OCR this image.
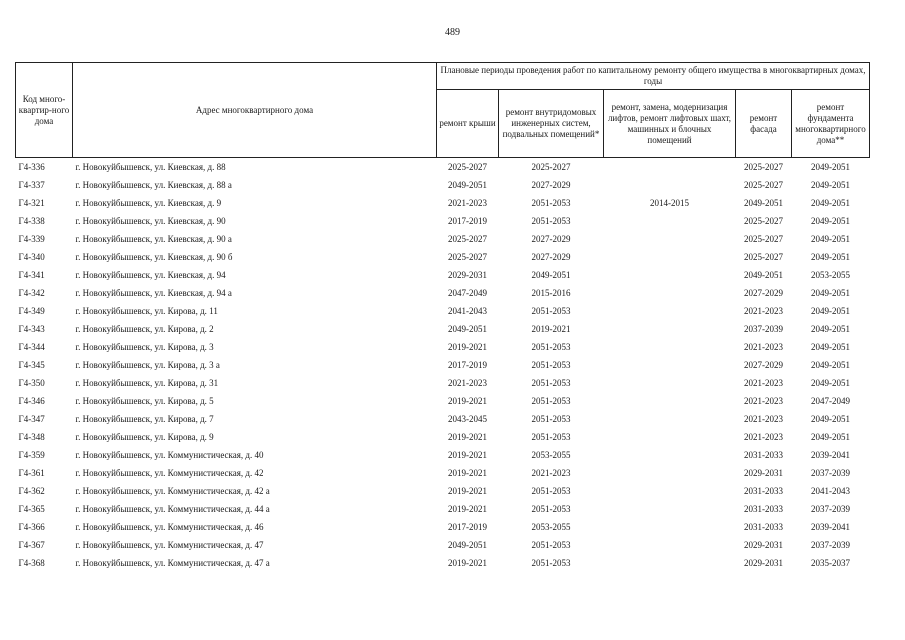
489
Код много-квартир-ного дома	Адрес многоквартирного дома	Плановые периоды проведения работ по капитальному ремонту общего имущества в многоквартирных домах, годы				
		ремонт крыши	ремонт внутридомовых инженерных систем, подвальных помещений*	ремонт, замена, модернизация лифтов, ремонт лифтовых шахт, машинных и блочных помещений	ремонт фасада	ремонт фундамента многоквартирного дома**
Г4-336	г. Новокуйбышевск, ул. Киевская, д. 88	2025-2027	2025-2027		2025-2027	2049-2051
Г4-337	г. Новокуйбышевск, ул. Киевская, д. 88 а	2049-2051	2027-2029		2025-2027	2049-2051
Г4-321	г. Новокуйбышевск, ул. Киевская, д. 9	2021-2023	2051-2053	2014-2015	2049-2051	2049-2051
Г4-338	г. Новокуйбышевск, ул. Киевская, д. 90	2017-2019	2051-2053		2025-2027	2049-2051
Г4-339	г. Новокуйбышевск, ул. Киевская, д. 90 а	2025-2027	2027-2029		2025-2027	2049-2051
Г4-340	г. Новокуйбышевск, ул. Киевская, д. 90 б	2025-2027	2027-2029		2025-2027	2049-2051
Г4-341	г. Новокуйбышевск, ул. Киевская, д. 94	2029-2031	2049-2051		2049-2051	2053-2055
Г4-342	г. Новокуйбышевск, ул. Киевская, д. 94 а	2047-2049	2015-2016		2027-2029	2049-2051
Г4-349	г. Новокуйбышевск, ул. Кирова, д. 11	2041-2043	2051-2053		2021-2023	2049-2051
Г4-343	г. Новокуйбышевск, ул. Кирова, д. 2	2049-2051	2019-2021		2037-2039	2049-2051
Г4-344	г. Новокуйбышевск, ул. Кирова, д. 3	2019-2021	2051-2053		2021-2023	2049-2051
Г4-345	г. Новокуйбышевск, ул. Кирова, д. 3 а	2017-2019	2051-2053		2027-2029	2049-2051
Г4-350	г. Новокуйбышевск, ул. Кирова, д. 31	2021-2023	2051-2053		2021-2023	2049-2051
Г4-346	г. Новокуйбышевск, ул. Кирова, д. 5	2019-2021	2051-2053		2021-2023	2047-2049
Г4-347	г. Новокуйбышевск, ул. Кирова, д. 7	2043-2045	2051-2053		2021-2023	2049-2051
Г4-348	г. Новокуйбышевск, ул. Кирова, д. 9	2019-2021	2051-2053		2021-2023	2049-2051
Г4-359	г. Новокуйбышевск, ул. Коммунистическая, д. 40	2019-2021	2053-2055		2031-2033	2039-2041
Г4-361	г. Новокуйбышевск, ул. Коммунистическая, д. 42	2019-2021	2021-2023		2029-2031	2037-2039
Г4-362	г. Новокуйбышевск, ул. Коммунистическая, д. 42 а	2019-2021	2051-2053		2031-2033	2041-2043
Г4-365	г. Новокуйбышевск, ул. Коммунистическая, д. 44 а	2019-2021	2051-2053		2031-2033	2037-2039
Г4-366	г. Новокуйбышевск, ул. Коммунистическая, д. 46	2017-2019	2053-2055		2031-2033	2039-2041
Г4-367	г. Новокуйбышевск, ул. Коммунистическая, д. 47	2049-2051	2051-2053		2029-2031	2037-2039
Г4-368	г. Новокуйбышевск, ул. Коммунистическая, д. 47 а	2019-2021	2051-2053		2029-2031	2035-2037
